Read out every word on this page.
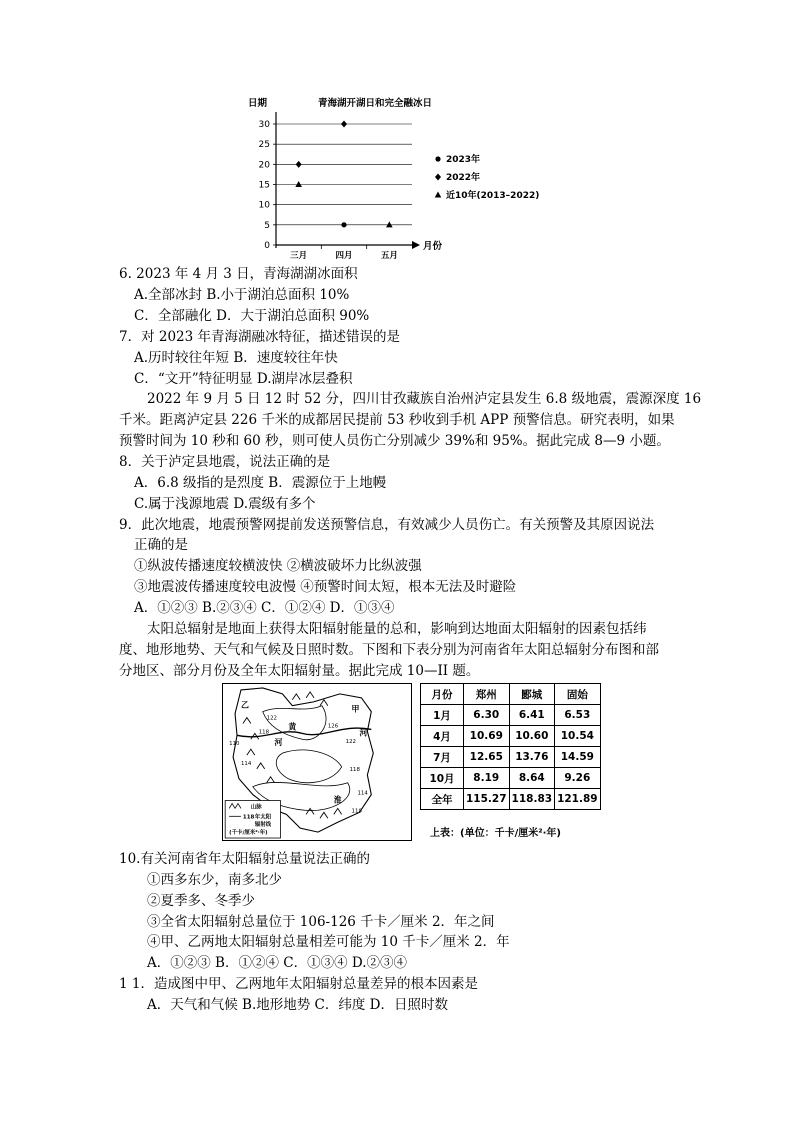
青海湖开湖日和完全融冰日
日期
0
5
10
15
20
25
30
三月	四月	五月
月份
2023年
2022年
近10年(2013–2022)
6. 2023 年 4 月 3 日，青海湖湖冰面积
A.全部冰封 B.小于湖泊总面积 10%
C．全部融化 D．大于湖泊总面积 90%
7．对 2023 年青海湖融冰特征，描述错误的是
A.历时较往年短 B．速度较往年快
C．“文开”特征明显 D.湖岸冰层叠积
2022 年 9 月 5 日 12 时 52 分，四川甘孜藏族自治州泸定县发生 6.8 级地震，震源深度 16
千米。距离泸定县 226 千米的成都居民提前 53 秒收到手机 APP 预警信息。研究表明，如果
预警时间为 10 秒和 60 秒，则可使人员伤亡分别减少 39%和 95%。据此完成 8—9 小题。
8．关于泸定县地震，说法正确的是
A．6.8 级指的是烈度 B．震源位于上地幔
C.属于浅源地震 D.震级有多个
9．此次地震，地震预警网提前发送预警信息，有效减少人员伤亡。有关预警及其原因说法
正确的是
①纵波传播速度较横波快 ②横波破坏力比纵波强
③地震波传播速度较电波慢 ④预警时间太短，根本无法及时避险
A．①②③ B.②③④ C．①②④ D．①③④
太阳总辐射是地面上获得太阳辐射能量的总和，影响到达地面太阳辐射的因素包括纬
度、地形地势、天气和气候及日照时数。下图和下表分别为河南省年太阳总辐射分布图和部
分地区、部分月份及全年太阳辐射量。据此完成 10—II 题。
122
118
114
110
126
122
118
114
110
乙	甲
河
河
黄
淮
山脉
118 年太阳
辐射线
(千卡/厘米²·年)
月份	郑州	郾城	固始
1月	6.30	6.41	6.53
4月	10.69	10.60	10.54
7月	12.65	13.76	14.59
10月	8.19	8.64	9.26
全年	115.27	118.83	121.89
上表：(单位：千卡/厘米²·年)
10.有关河南省年太阳辐射总量说法正确的
①西多东少，南多北少
②夏季多、冬季少
③全省太阳辐射总量位于 106-126 千卡／厘米 2．年之间
④甲、乙两地太阳辐射总量相差可能为 10 千卡／厘米 2．年
A．①②③ B．①②④ C．①③④ D.②③④
1 1．造成图中甲、乙两地年太阳辐射总量差异的根本因素是
A．天气和气候 B.地形地势 C．纬度 D．日照时数
